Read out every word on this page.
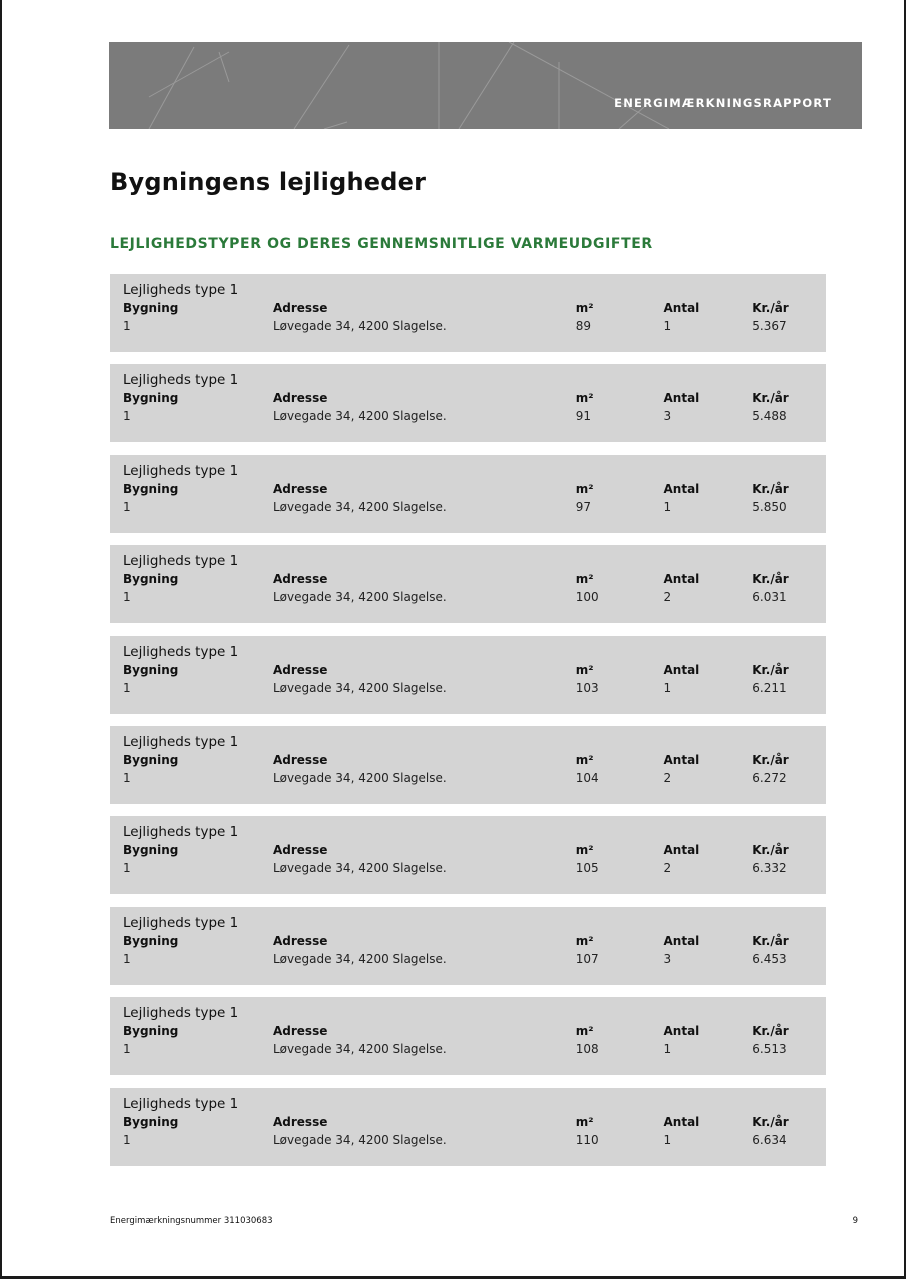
ENERGIMÆRKNINGSRAPPORT
Bygningens lejligheder
LEJLIGHEDSTYPER OG DERES GENNEMSNITLIGE VARMEUDGIFTER
Lejligheds type 1
Bygning
1
Adresse
Løvegade 34, 4200 Slagelse.
m²
89
Antal
1
Kr./år
5.367
Lejligheds type 1
Bygning
1
Adresse
Løvegade 34, 4200 Slagelse.
m²
91
Antal
3
Kr./år
5.488
Lejligheds type 1
Bygning
1
Adresse
Løvegade 34, 4200 Slagelse.
m²
97
Antal
1
Kr./år
5.850
Lejligheds type 1
Bygning
1
Adresse
Løvegade 34, 4200 Slagelse.
m²
100
Antal
2
Kr./år
6.031
Lejligheds type 1
Bygning
1
Adresse
Løvegade 34, 4200 Slagelse.
m²
103
Antal
1
Kr./år
6.211
Lejligheds type 1
Bygning
1
Adresse
Løvegade 34, 4200 Slagelse.
m²
104
Antal
2
Kr./år
6.272
Lejligheds type 1
Bygning
1
Adresse
Løvegade 34, 4200 Slagelse.
m²
105
Antal
2
Kr./år
6.332
Lejligheds type 1
Bygning
1
Adresse
Løvegade 34, 4200 Slagelse.
m²
107
Antal
3
Kr./år
6.453
Lejligheds type 1
Bygning
1
Adresse
Løvegade 34, 4200 Slagelse.
m²
108
Antal
1
Kr./år
6.513
Lejligheds type 1
Bygning
1
Adresse
Løvegade 34, 4200 Slagelse.
m²
110
Antal
1
Kr./år
6.634
Energimærkningsnummer 311030683	9
